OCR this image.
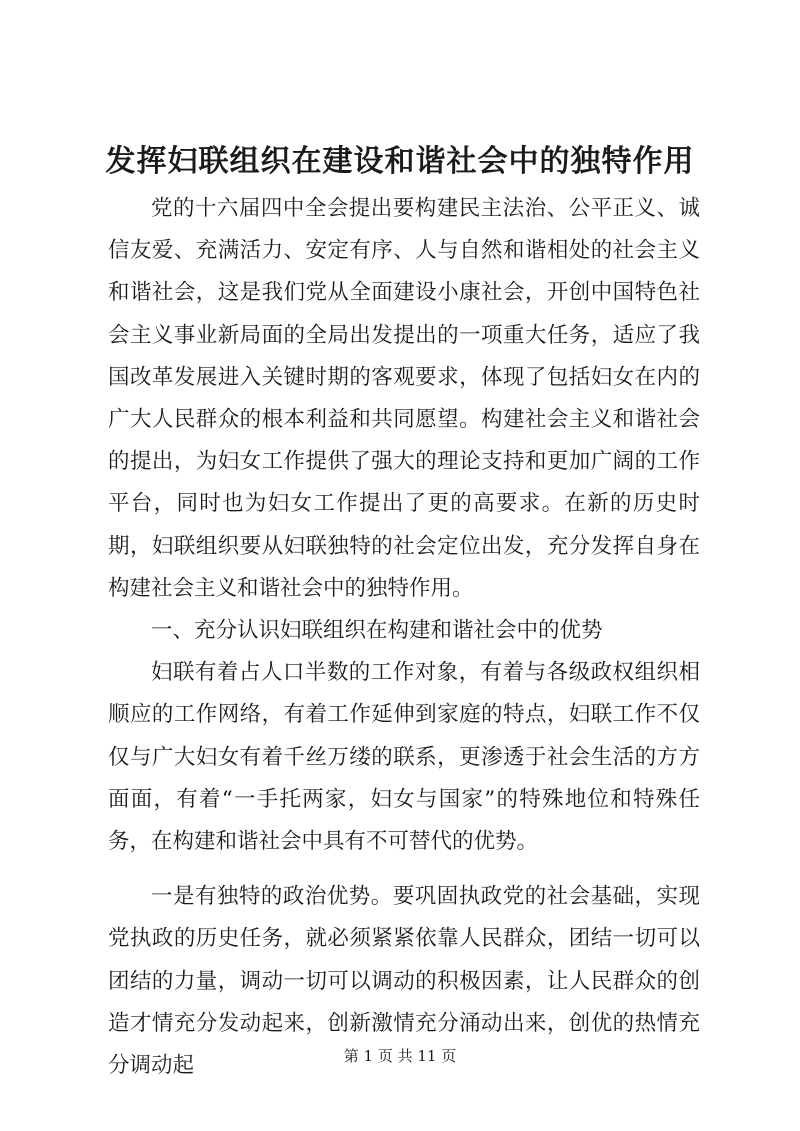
发挥妇联组织在建设和谐社会中的独特作用

党的十六届四中全会提出要构建民主法治、公平正义、诚信友爱、充满活力、安定有序、人与自然和谐相处的社会主义和谐社会，这是我们党从全面建设小康社会，开创中国特色社会主义事业新局面的全局出发提出的一项重大任务，适应了我国改革发展进入关键时期的客观要求，体现了包括妇女在内的广大人民群众的根本利益和共同愿望。构建社会主义和谐社会的提出，为妇女工作提供了强大的理论支持和更加广阔的工作平台，同时也为妇女工作提出了更的高要求。在新的历史时期，妇联组织要从妇联独特的社会定位出发，充分发挥自身在构建社会主义和谐社会中的独特作用。

一、充分认识妇联组织在构建和谐社会中的优势

妇联有着占人口半数的工作对象，有着与各级政权组织相顺应的工作网络，有着工作延伸到家庭的特点，妇联工作不仅仅与广大妇女有着千丝万缕的联系，更渗透于社会生活的方方面面，有着“一手托两家，妇女与国家”的特殊地位和特殊任务，在构建和谐社会中具有不可替代的优势。

一是有独特的政治优势。要巩固执政党的社会基础，实现党执政的历史任务，就必须紧紧依靠人民群众，团结一切可以团结的力量，调动一切可以调动的积极因素，让人民群众的创造才情充分发动起来，创新激情充分涌动出来，创优的热情充分调动起	第 1 页 共 11 页
